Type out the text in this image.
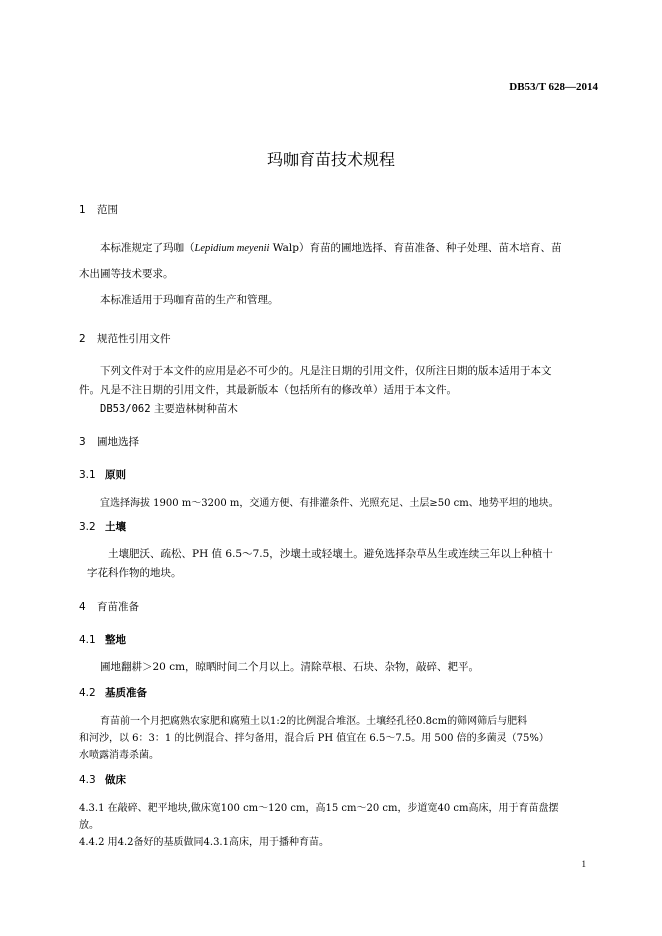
DB53/T 628—2014
玛咖育苗技术规程
1 范围
本标准规定了玛咖（Lepidium meyenii Walp）育苗的圃地选择、育苗准备、种子处理、苗木培育、苗
木出圃等技术要求。
本标准适用于玛咖育苗的生产和管理。
2 规范性引用文件
下列文件对于本文件的应用是必不可少的。凡是注日期的引用文件，仅所注日期的版本适用于本文
件。凡是不注日期的引用文件，其最新版本（包括所有的修改单）适用于本文件。
DB53/062 主要造林树种苗木
3 圃地选择
3.1 原则
宜选择海拔 1900 m～3200 m，交通方便、有排灌条件、光照充足、土层≥50 cm、地势平坦的地块。
3.2 土壤
土壤肥沃、疏松、PH 值 6.5～7.5，沙壤土或轻壤土。避免选择杂草丛生或连续三年以上种植十
字花科作物的地块。
4 育苗准备
4.1 整地
圃地翻耕＞20 cm，晾晒时间二个月以上。清除草根、石块、杂物，敲碎、耙平。
4.2 基质准备
育苗前一个月把腐熟农家肥和腐殖土以1:2的比例混合堆沤。土壤经孔径0.8cm的筛网筛后与肥料
和河沙，以 6：3：1 的比例混合、拌匀备用，混合后 PH 值宜在 6.5～7.5。用 500 倍的多菌灵（75%）
水喷露消毒杀菌。
4.3 做床
4.3.1 在敲碎、耙平地块,做床宽100 cm～120 cm，高15 cm～20 cm，步道宽40 cm高床，用于育苗盘摆
放。
4.4.2 用4.2备好的基质做同4.3.1高床，用于播种育苗。
1
